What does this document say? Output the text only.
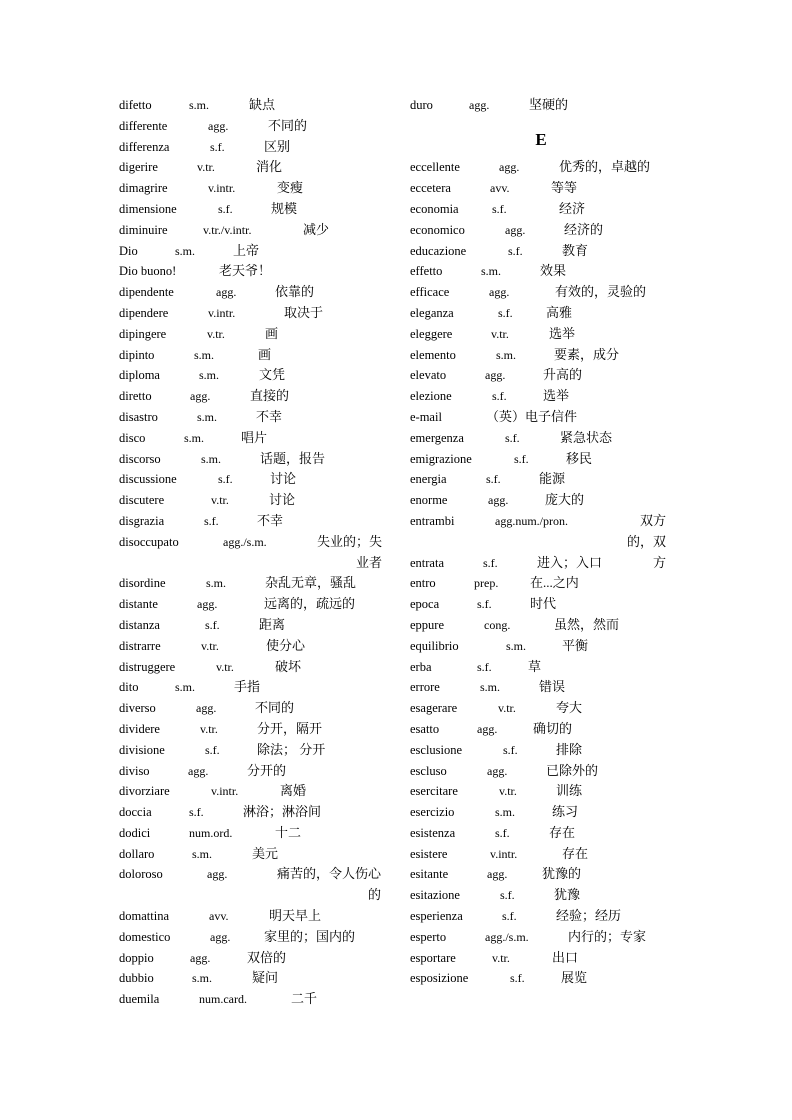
difetto	s.m.	缺点
differente	agg.	不同的
differenza	s.f.	区别
digerire	v.tr.	消化
dimagrire	v.intr.	变瘦
dimensione	s.f.	规模
diminuire	v.tr./v.intr.	减少
Dio	s.m.	上帝
Dio buono!	老天爷！
dipendente	agg.	依靠的
dipendere	v.intr.	取决于
dipingere	v.tr.	画
dipinto	s.m.	画
diploma	s.m.	文凭
diretto	agg.	直接的
disastro	s.m.	不幸
disco	s.m.	唱片
discorso	s.m.	话题，报告
discussione	s.f.	讨论
discutere	v.tr.	讨论
disgrazia	s.f.	不幸
disoccupato	agg./s.m.	失业的；失业者
disordine	s.m.	杂乱无章，骚乱
distante	agg.	远离的，疏远的
distanza	s.f.	距离
distrarre	v.tr.	使分心
distruggere	v.tr.	破坏
dito	s.m.	手指
diverso	agg.	不同的
dividere	v.tr.	分开，隔开
divisione	s.f.	除法； 分开
diviso	agg.	分开的
divorziare	v.intr.	离婚
doccia	s.f.	淋浴；淋浴间
dodici	num.ord.	十二
dollaro	s.m.	美元
doloroso	agg.	痛苦的，令人伤心的
domattina	avv.	明天早上
domestico	agg.	家里的；国内的
doppio	agg.	双倍的
dubbio	s.m.	疑问
duemila	num.card.	二千
duro	agg.	坚硬的
E
eccellente	agg.	优秀的，卓越的
eccetera	avv.	等等
economia	s.f.	经济
economico	agg.	经济的
educazione	s.f.	教育
effetto	s.m.	效果
efficace	agg.	有效的，灵验的
eleganza	s.f.	高雅
eleggere	v.tr.	选举
elemento	s.m.	要素，成分
elevato	agg.	升高的
elezione	s.f.	选举
e-mail	（英）电子信件
emergenza	s.f.	紧急状态
emigrazione	s.f.	移民
energia	s.f.	能源
enorme	agg.	庞大的
entrambi	agg.num./pron.	双方的，双方
entrata	s.f.	进入；入口
entro	prep. 在...之内
epoca	s.f.	时代
eppure	cong.	虽然，然而
equilibrio	s.m.	平衡
erba	s.f.	草
errore	s.m.	错误
esagerare	v.tr.	夸大
esatto	agg.	确切的
esclusione	s.f.	排除
escluso	agg.	已除外的
esercitare	v.tr.	训练
esercizio	s.m.	练习
esistenza	s.f.	存在
esistere	v.intr.	存在
esitante	agg.	犹豫的
esitazione	s.f.	犹豫
esperienza	s.f.	经验；经历
esperto	agg./s.m.	内行的；专家
esportare	v.tr.	出口
esposizione	s.f.	展览
